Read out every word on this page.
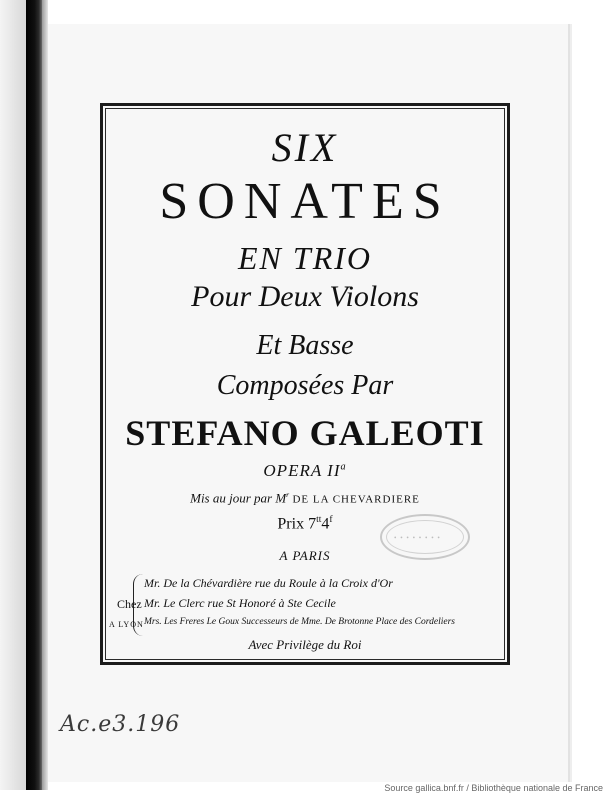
SIX
SONATES
EN TRIO
Pour Deux Violons
Et Basse
Composées Par
STEFANO GALEOTI
OPERA $II^a$
Mis au jour par $M^r$ DE LA CHEVARDIERE
Prix $7^{tt}4^f$
• • • • • • • •
A PARIS
Chez
A LYON
Mr. De la Chévardière rue du Roule à la Croix d'Or
Mr. Le Clerc rue St Honoré à Ste Cecile
Mrs. Les Freres Le Goux Successeurs de Mme. De Brotonne Place des Cordeliers
Avec Privilège du Roi
Ac.e3.196
Source gallica.bnf.fr / Bibliothèque nationale de France
